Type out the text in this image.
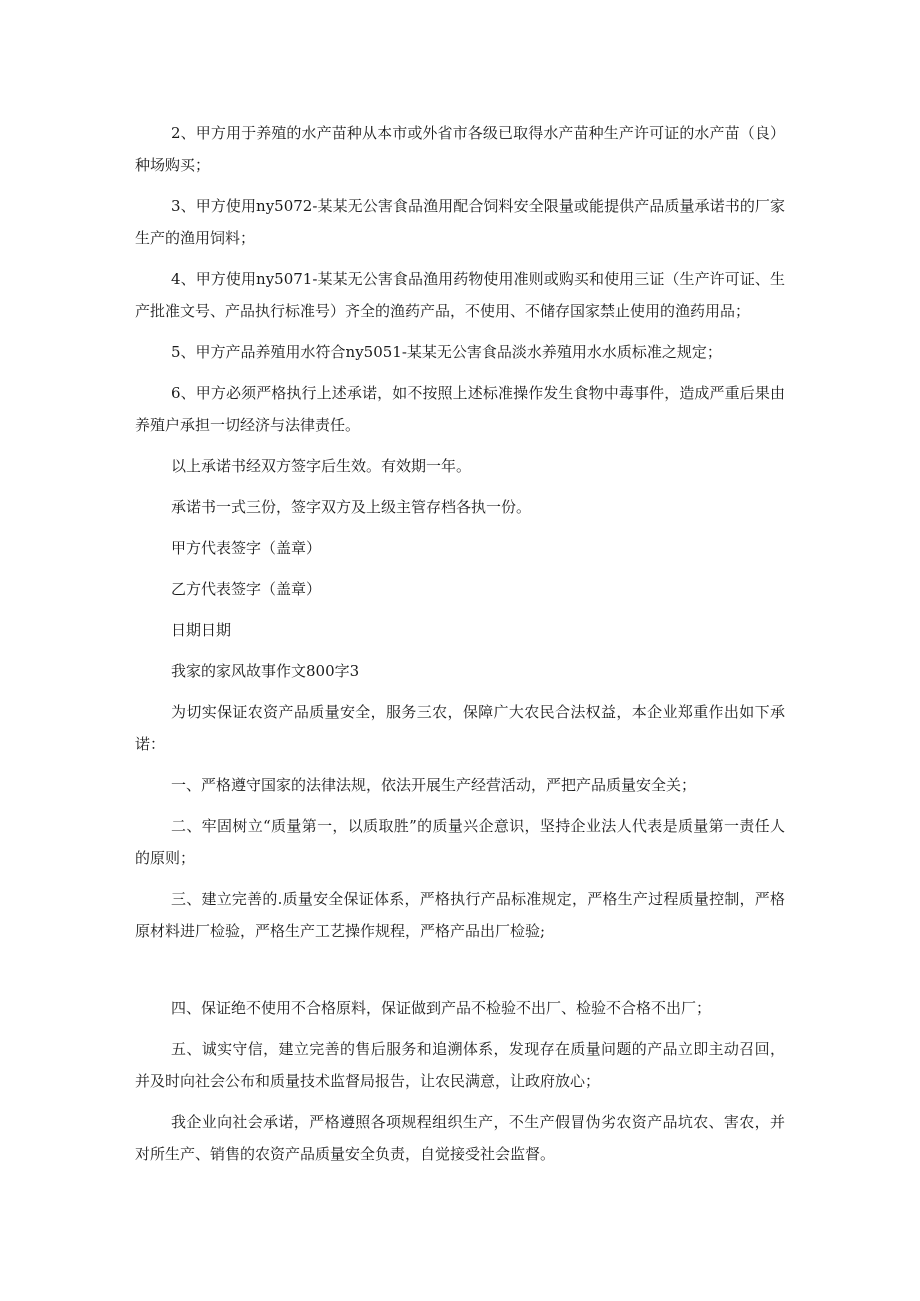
2、甲方用于养殖的水产苗种从本市或外省市各级已取得水产苗种生产许可证的水产苗（良）种场购买；

3、甲方使用ny5072-某某无公害食品渔用配合饲料安全限量或能提供产品质量承诺书的厂家生产的渔用饲料；

4、甲方使用ny5071-某某无公害食品渔用药物使用准则或购买和使用三证（生产许可证、生产批准文号、产品执行标准号）齐全的渔药产品，不使用、不储存国家禁止使用的渔药用品；

5、甲方产品养殖用水符合ny5051-某某无公害食品淡水养殖用水水质标准之规定；

6、甲方必须严格执行上述承诺，如不按照上述标准操作发生食物中毒事件，造成严重后果由养殖户承担一切经济与法律责任。

以上承诺书经双方签字后生效。有效期一年。

承诺书一式三份，签字双方及上级主管存档各执一份。

甲方代表签字（盖章）

乙方代表签字（盖章）

日期日期

我家的家风故事作文800字3

为切实保证农资产品质量安全，服务三农，保障广大农民合法权益，本企业郑重作出如下承诺：

一、严格遵守国家的法律法规，依法开展生产经营活动，严把产品质量安全关；

二、牢固树立“质量第一，以质取胜”的质量兴企意识，坚持企业法人代表是质量第一责任人的原则；

三、建立完善的.质量安全保证体系，严格执行产品标准规定，严格生产过程质量控制，严格原材料进厂检验，严格生产工艺操作规程，严格产品出厂检验;

四、保证绝不使用不合格原料，保证做到产品不检验不出厂、检验不合格不出厂；

五、诚实守信，建立完善的售后服务和追溯体系，发现存在质量问题的产品立即主动召回，并及时向社会公布和质量技术监督局报告，让农民满意，让政府放心；

我企业向社会承诺，严格遵照各项规程组织生产，不生产假冒伪劣农资产品坑农、害农，并对所生产、销售的农资产品质量安全负责，自觉接受社会监督。
